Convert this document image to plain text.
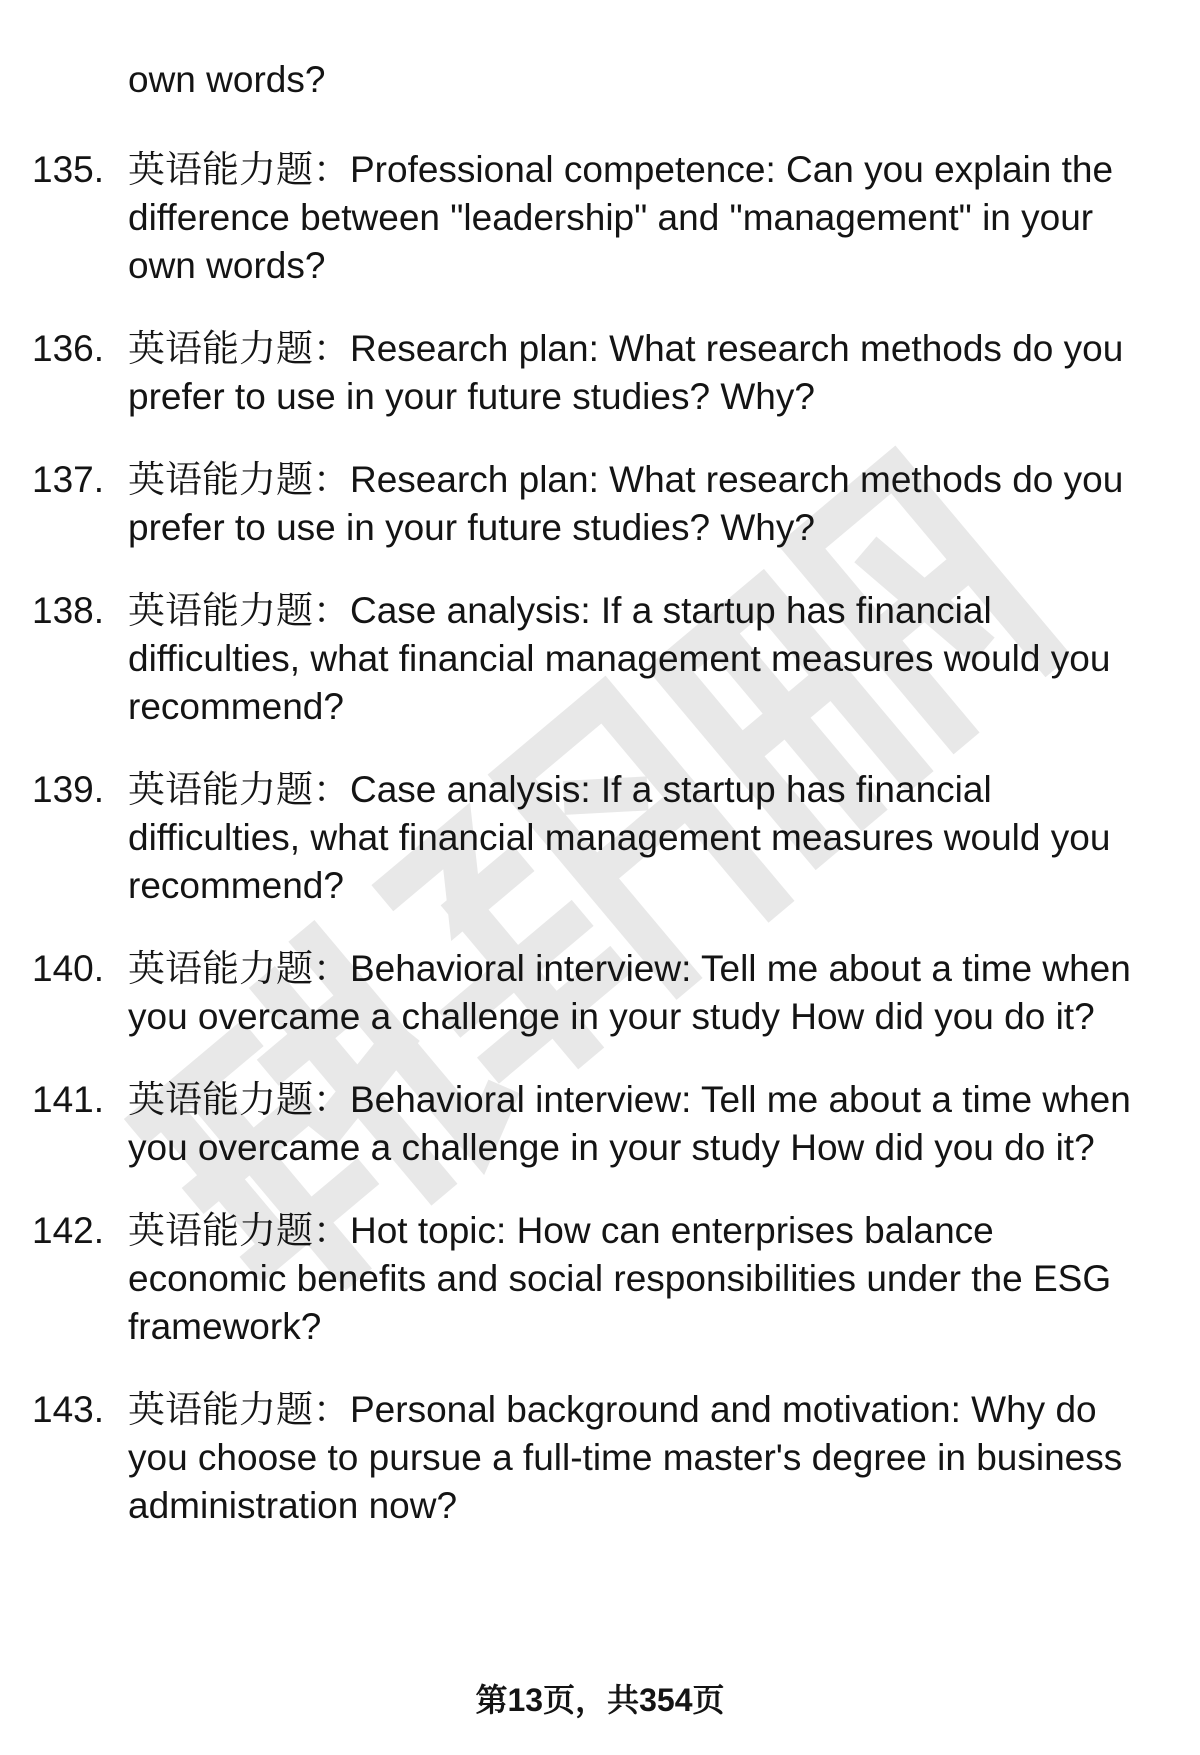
own words?
135. 英语能力题：Professional competence: Can you explain the difference between "leadership" and "management" in your own words?
136. 英语能力题：Research plan: What research methods do you prefer to use in your future studies? Why?
137. 英语能力题：Research plan: What research methods do you prefer to use in your future studies? Why?
138. 英语能力题：Case analysis: If a startup has financial difficulties, what financial management measures would you recommend?
139. 英语能力题：Case analysis: If a startup has financial difficulties, what financial management measures would you recommend?
140. 英语能力题：Behavioral interview: Tell me about a time when you overcame a challenge in your study How did you do it?
141. 英语能力题：Behavioral interview: Tell me about a time when you overcame a challenge in your study How did you do it?
142. 英语能力题：Hot topic: How can enterprises balance economic benefits and social responsibilities under the ESG framework?
143. 英语能力题：Personal background and motivation: Why do you choose to pursue a full-time master's degree in business administration now?
第13页，共354页
